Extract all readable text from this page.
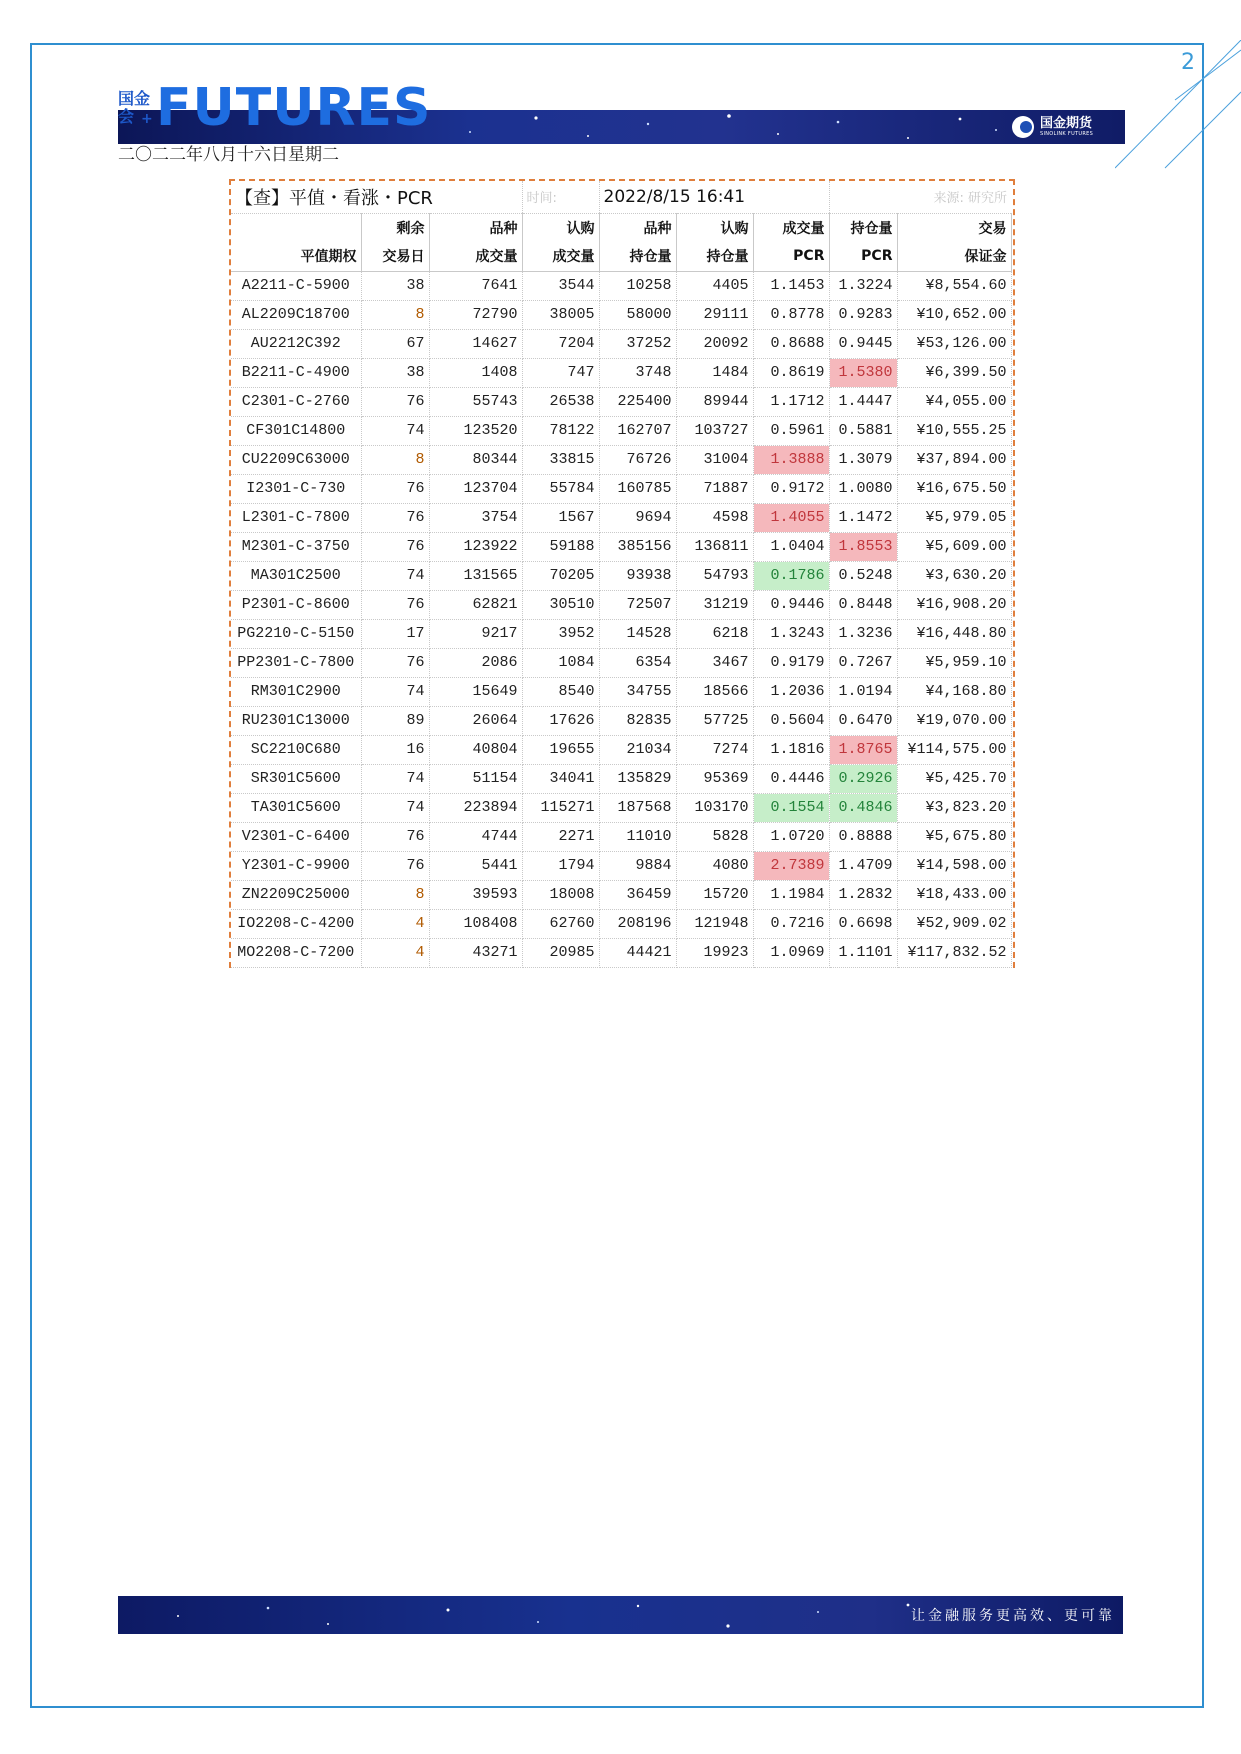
2
国金
会 + FUTURES	国金期货
SINOLINK FUTURES
二〇二二年八月十六日星期二
【查】平值・看涨・PCR			时间:	2022/8/15 16:41			来源: 研究所	
	剩余	品种	认购	品种	认购	成交量	持仓量	交易
平值期权	交易日	成交量	成交量	持仓量	持仓量	PCR	PCR	保证金
A2211-C-5900	38	7641	3544	10258	4405	1.1453	1.3224	¥8,554.60
AL2209C18700	8	72790	38005	58000	29111	0.8778	0.9283	¥10,652.00
AU2212C392	67	14627	7204	37252	20092	0.8688	0.9445	¥53,126.00
B2211-C-4900	38	1408	747	3748	1484	0.8619	1.5380	¥6,399.50
C2301-C-2760	76	55743	26538	225400	89944	1.1712	1.4447	¥4,055.00
CF301C14800	74	123520	78122	162707	103727	0.5961	0.5881	¥10,555.25
CU2209C63000	8	80344	33815	76726	31004	1.3888	1.3079	¥37,894.00
I2301-C-730	76	123704	55784	160785	71887	0.9172	1.0080	¥16,675.50
L2301-C-7800	76	3754	1567	9694	4598	1.4055	1.1472	¥5,979.05
M2301-C-3750	76	123922	59188	385156	136811	1.0404	1.8553	¥5,609.00
MA301C2500	74	131565	70205	93938	54793	0.1786	0.5248	¥3,630.20
P2301-C-8600	76	62821	30510	72507	31219	0.9446	0.8448	¥16,908.20
PG2210-C-5150	17	9217	3952	14528	6218	1.3243	1.3236	¥16,448.80
PP2301-C-7800	76	2086	1084	6354	3467	0.9179	0.7267	¥5,959.10
RM301C2900	74	15649	8540	34755	18566	1.2036	1.0194	¥4,168.80
RU2301C13000	89	26064	17626	82835	57725	0.5604	0.6470	¥19,070.00
SC2210C680	16	40804	19655	21034	7274	1.1816	1.8765	¥114,575.00
SR301C5600	74	51154	34041	135829	95369	0.4446	0.2926	¥5,425.70
TA301C5600	74	223894	115271	187568	103170	0.1554	0.4846	¥3,823.20
V2301-C-6400	76	4744	2271	11010	5828	1.0720	0.8888	¥5,675.80
Y2301-C-9900	76	5441	1794	9884	4080	2.7389	1.4709	¥14,598.00
ZN2209C25000	8	39593	18008	36459	15720	1.1984	1.2832	¥18,433.00
IO2208-C-4200	4	108408	62760	208196	121948	0.7216	0.6698	¥52,909.02
MO2208-C-7200	4	43271	20985	44421	19923	1.0969	1.1101	¥117,832.52
让金融服务更高效、更可靠
